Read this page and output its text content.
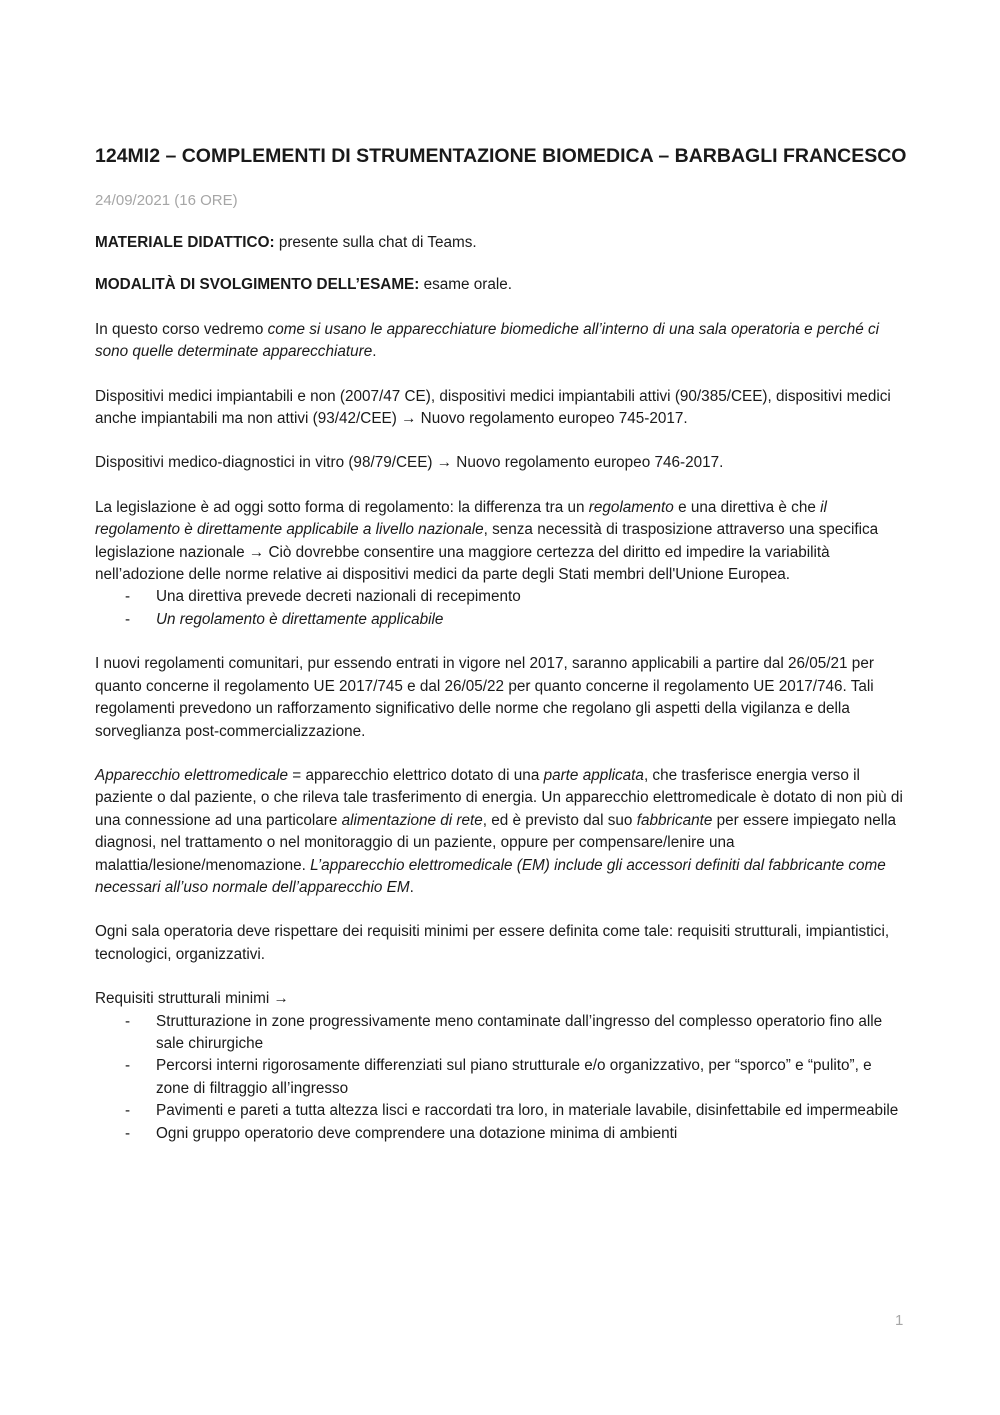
124MI2 – COMPLEMENTI DI STRUMENTAZIONE BIOMEDICA – BARBAGLI FRANCESCO
24/09/2021 (16 ORE)

MATERIALE DIDATTICO: presente sulla chat di Teams.

MODALITÀ DI SVOLGIMENTO DELL’ESAME: esame orale.

In questo corso vedremo come si usano le apparecchiature biomediche all’interno di una sala operatoria e perché ci sono quelle determinate apparecchiature.

Dispositivi medici impiantabili e non (2007/47 CE), dispositivi medici impiantabili attivi (90/385/CEE), dispositivi medici anche impiantabili ma non attivi (93/42/CEE) → Nuovo regolamento europeo 745-2017.

Dispositivi medico-diagnostici in vitro (98/79/CEE) → Nuovo regolamento europeo 746-2017.

La legislazione è ad oggi sotto forma di regolamento: la differenza tra un regolamento e una direttiva è che il regolamento è direttamente applicabile a livello nazionale, senza necessità di trasposizione attraverso una specifica legislazione nazionale → Ciò dovrebbe consentire una maggiore certezza del diritto ed impedire la variabilità nell’adozione delle norme relative ai dispositivi medici da parte degli Stati membri dell'Unione Europea.

- Una direttiva prevede decreti nazionali di recepimento
- Un regolamento è direttamente applicabile

I nuovi regolamenti comunitari, pur essendo entrati in vigore nel 2017, saranno applicabili a partire dal 26/05/21 per quanto concerne il regolamento UE 2017/745 e dal 26/05/22 per quanto concerne il regolamento UE 2017/746. Tali regolamenti prevedono un rafforzamento significativo delle norme che regolano gli aspetti della vigilanza e della sorveglianza post-commercializzazione.

Apparecchio elettromedicale = apparecchio elettrico dotato di una parte applicata, che trasferisce energia verso il paziente o dal paziente, o che rileva tale trasferimento di energia. Un apparecchio elettromedicale è dotato di non più di una connessione ad una particolare alimentazione di rete, ed è previsto dal suo fabbricante per essere impiegato nella diagnosi, nel trattamento o nel monitoraggio di un paziente, oppure per compensare/lenire una malattia/lesione/menomazione. L’apparecchio elettromedicale (EM) include gli accessori definiti dal fabbricante come necessari all’uso normale dell’apparecchio EM.

Ogni sala operatoria deve rispettare dei requisiti minimi per essere definita come tale: requisiti strutturali, impiantistici, tecnologici, organizzativi.

Requisiti strutturali minimi →

- Strutturazione in zone progressivamente meno contaminate dall’ingresso del complesso operatorio fino alle sale chirurgiche
- Percorsi interni rigorosamente differenziati sul piano strutturale e/o organizzativo, per “sporco” e “pulito”, e zone di filtraggio all’ingresso
- Pavimenti e pareti a tutta altezza lisci e raccordati tra loro, in materiale lavabile, disinfettabile ed impermeabile
- Ogni gruppo operatorio deve comprendere una dotazione minima di ambienti
1
